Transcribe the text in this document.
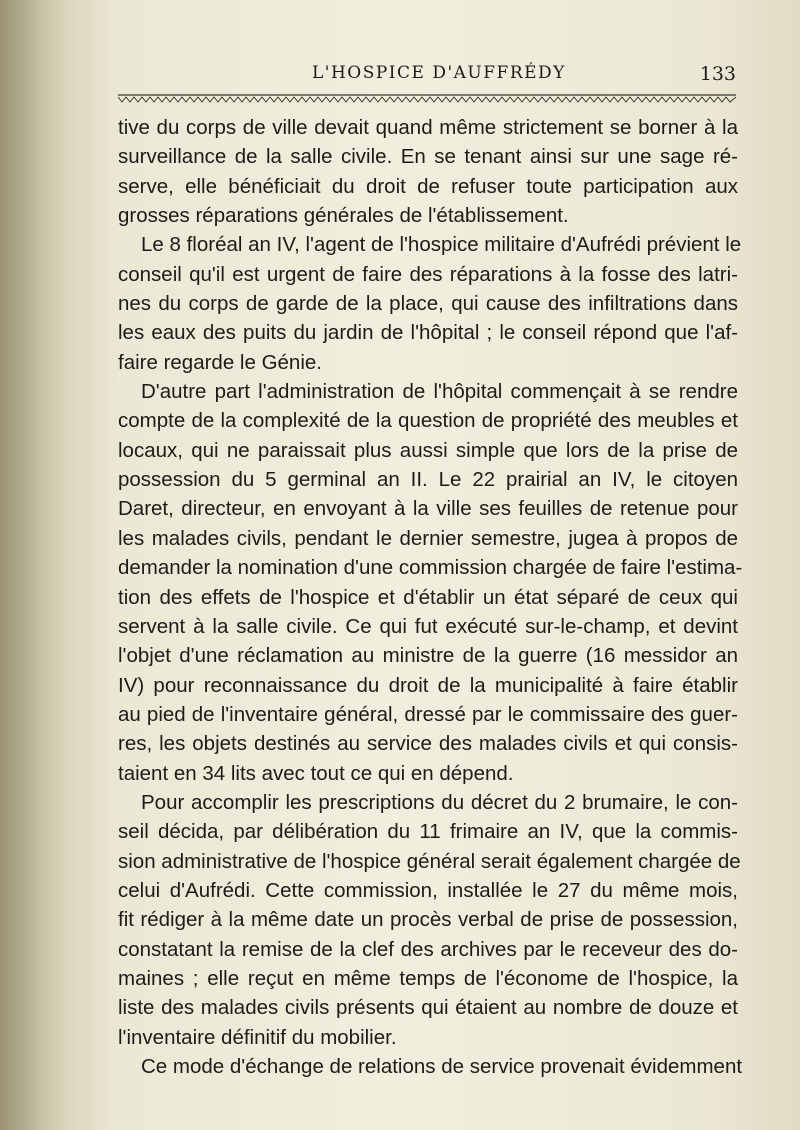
L'HOSPICE D'AUFFRÉDY	133
tive du corps de ville devait quand même strictement se borner à la
surveillance de la salle civile. En se tenant ainsi sur une sage ré-
serve, elle bénéficiait du droit de refuser toute participation aux
grosses réparations générales de l'établissement.
Le 8 floréal an IV, l'agent de l'hospice militaire d'Aufrédi prévient le
conseil qu'il est urgent de faire des réparations à la fosse des latri-
nes du corps de garde de la place, qui cause des infiltrations dans
les eaux des puits du jardin de l'hôpital ; le conseil répond que l'af-
faire regarde le Génie.
D'autre part l'administration de l'hôpital commençait à se rendre
compte de la complexité de la question de propriété des meubles et
locaux, qui ne paraissait plus aussi simple que lors de la prise de
possession du 5 germinal an II. Le 22 prairial an IV, le citoyen
Daret, directeur, en envoyant à la ville ses feuilles de retenue pour
les malades civils, pendant le dernier semestre, jugea à propos de
demander la nomination d'une commission chargée de faire l'estima-
tion des effets de l'hospice et d'établir un état séparé de ceux qui
servent à la salle civile. Ce qui fut exécuté sur-le-champ, et devint
l'objet d'une réclamation au ministre de la guerre (16 messidor an
IV) pour reconnaissance du droit de la municipalité à faire établir
au pied de l'inventaire général, dressé par le commissaire des guer-
res, les objets destinés au service des malades civils et qui consis-
taient en 34 lits avec tout ce qui en dépend.
Pour accomplir les prescriptions du décret du 2 brumaire, le con-
seil décida, par délibération du 11 frimaire an IV, que la commis-
sion administrative de l'hospice général serait également chargée de
celui d'Aufrédi. Cette commission, installée le 27 du même mois,
fit rédiger à la même date un procès verbal de prise de possession,
constatant la remise de la clef des archives par le receveur des do-
maines ; elle reçut en même temps de l'économe de l'hospice, la
liste des malades civils présents qui étaient au nombre de douze et
l'inventaire définitif du mobilier.
Ce mode d'échange de relations de service provenait évidemment
